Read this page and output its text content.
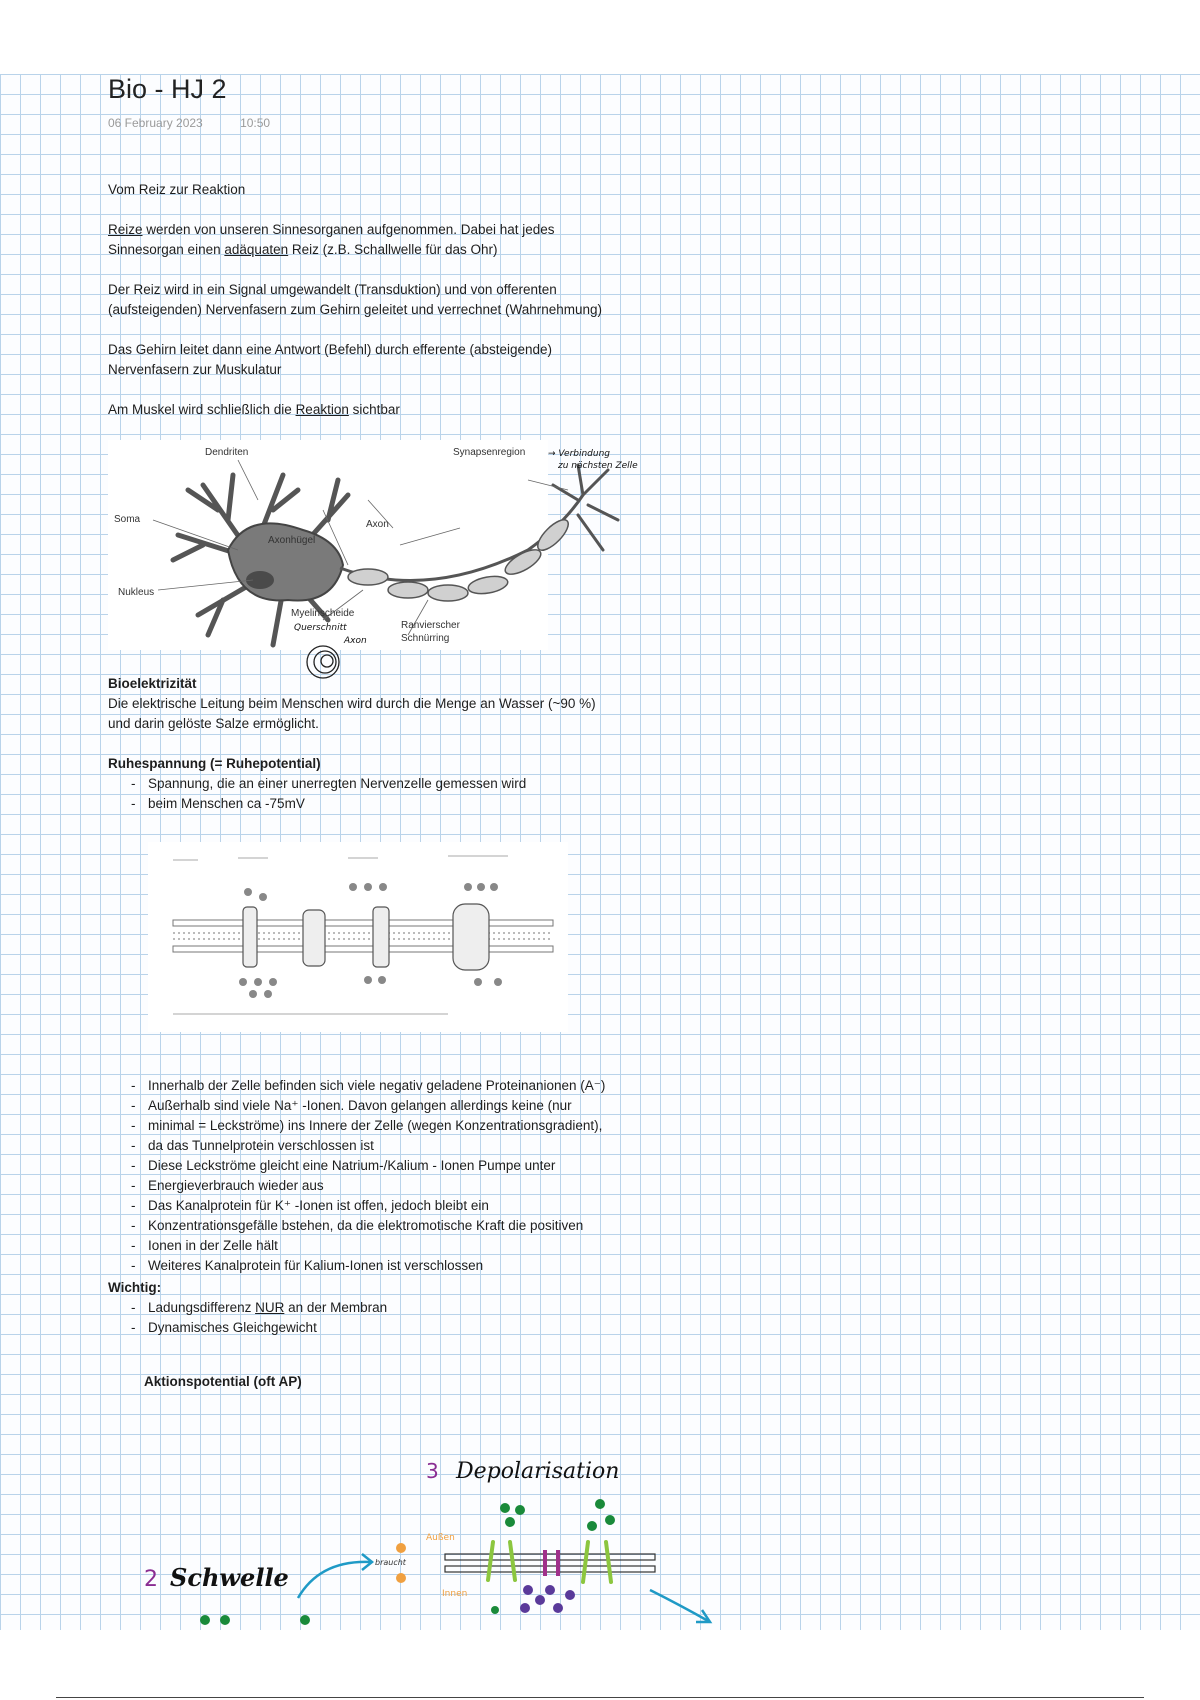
Bio - HJ 2
06 February 2023	10:50
Vom Reiz zur Reaktion
Reize werden von unseren Sinnesorganen aufgenommen. Dabei hat jedes
Sinnesorgan einen adäquaten Reiz (z.B. Schallwelle für das Ohr)
Der Reiz wird in ein Signal umgewandelt (Transduktion) und von offerenten
(aufsteigenden) Nervenfasern zum Gehirn geleitet und verrechnet (Wahrnehmung)
Das Gehirn leitet dann eine Antwort (Befehl) durch efferente (absteigende)
Nervenfasern zur Muskulatur
Am Muskel wird schließlich die Reaktion sichtbar
Dendriten	Synapsenregion
Soma	Axon
Axonhügel
Nukleus
Myelinscheide
Ranvierscher
Schnürring
→ Verbindung
zu nächsten Zelle
Querschnitt
Axon
Bioelektrizität
Die elektrische Leitung beim Menschen wird durch die Menge an Wasser (~90 %)
und darin gelöste Salze ermöglicht.
Ruhespannung (= Ruhepotential)
- Spannung, die an einer unerregten Nervenzelle gemessen wird
- beim Menschen ca -75mV
- Innerhalb der Zelle befinden sich viele negativ geladene Proteinanionen (A⁻)
- Außerhalb sind viele Na⁺ -Ionen. Davon gelangen allerdings keine (nur
- minimal = Leckströme) ins Innere der Zelle (wegen Konzentrationsgradient),
- da das Tunnelprotein verschlossen ist
- Diese Leckströme gleicht eine Natrium-/Kalium - Ionen Pumpe unter
- Energieverbrauch wieder aus
- Das Kanalprotein für K⁺ -Ionen ist offen, jedoch bleibt ein
- Konzentrationsgefälle bstehen, da die elektromotische Kraft die positiven
- Ionen in der Zelle hält
- Weiteres Kanalprotein für Kalium-Ionen ist verschlossen
Wichtig:
- Ladungsdifferenz NUR an der Membran
- Dynamisches Gleichgewicht
Aktionspotential (oft AP)
3 Depolarisation
2 Schwelle
braucht
Außen
Innen
